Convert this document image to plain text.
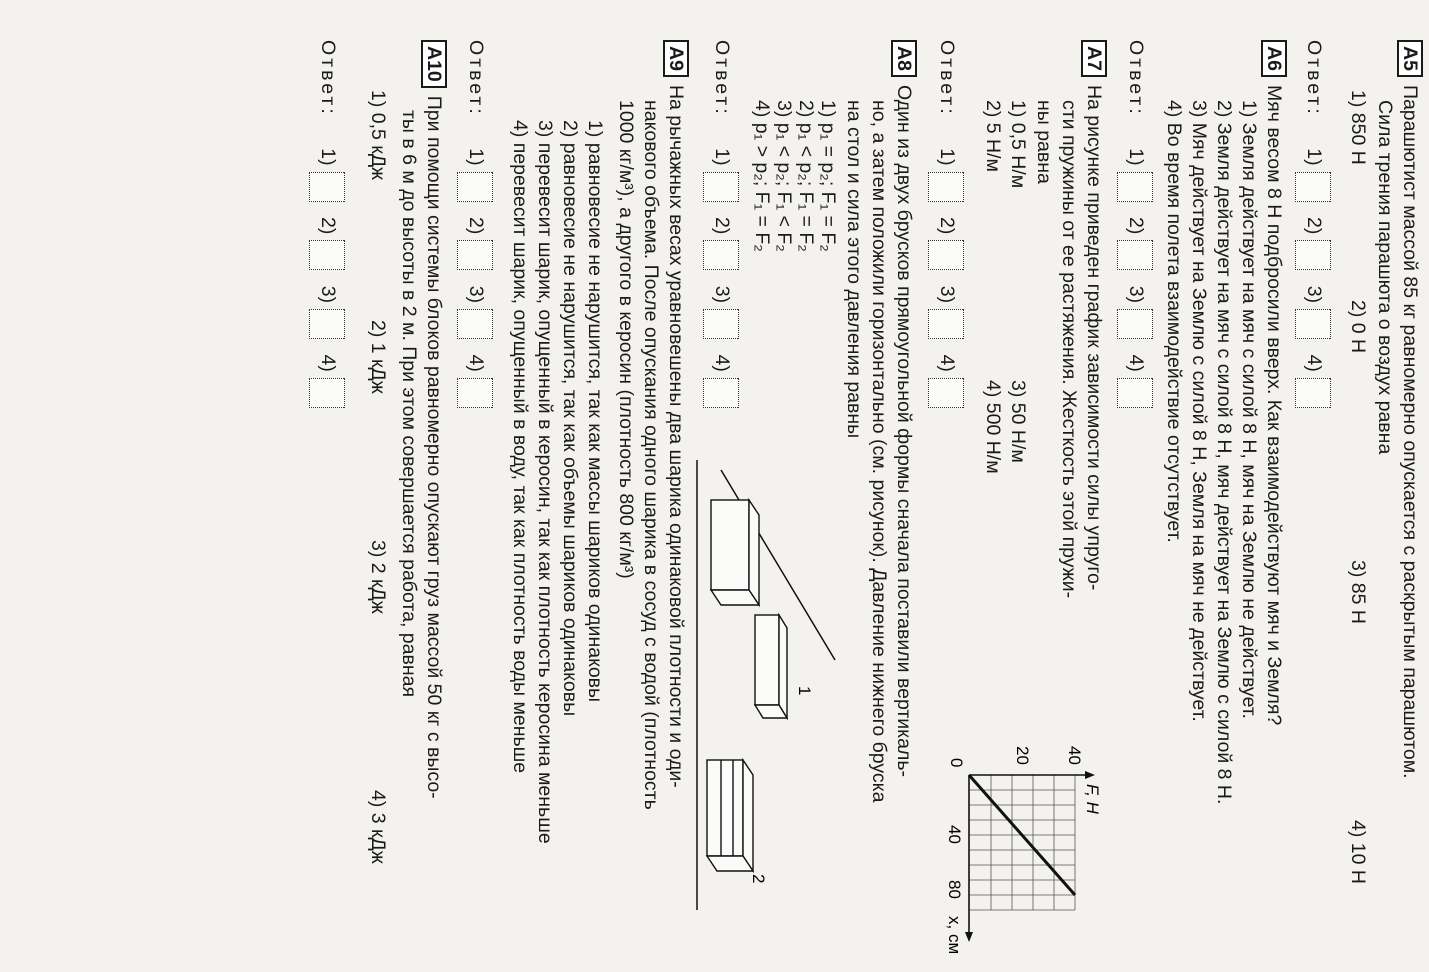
А5Парашютист массой 85 кг равномерно опускается с раскрытым парашютом.
Сила трения парашюта о воздух равна
1) 850 Н
2) 0 Н
3) 85 Н
4) 10 Н
Ответ: 1) 2) 3) 4)
А6Мяч весом 8 Н подбросили вверх. Как взаимодействуют мяч и Земля?
1) Земля действует на мяч с силой 8 Н, мяч на Землю не действует.
2) Земля действует на мяч с силой 8 Н, мяч действует на Землю с силой 8 Н.
3) Мяч действует на Землю с силой 8 Н, Земля на мяч не действует.
4) Во время полета взаимодействие отсутствует.
Ответ: 1) 2) 3) 4)
А7На рисунке приведен график зависимости силы упруго-
сти пружины от ее растяжения. Жесткость этой пружи-
ны равна
1) 0,5 Н/м
2) 5 Н/м
3) 50 Н/м
4) 500 Н/м
F, Н
40
20
0
40
80
x, см
Ответ: 1) 2) 3) 4)
А8Один из двух брусков прямоугольной формы сначала поставили вертикаль-
но, а затем положили горизонтально (см. рисунок). Давление нижнего бруска
на стол и сила этого давления равны
1) p₁ = p₂; F₁ = F₂
2) p₁ < p₂; F₁ = F₂
3) p₁ < p₂; F₁ < F₂
4) p₁ > p₂; F₁ = F₂
1
2
Ответ: 1) 2) 3) 4)
А9На рычажных весах уравновешены два шарика одинаковой плотности и оди-
накового объема. После опускания одного шарика в сосуд с водой (плотность
1000 кг/м³), а другого в керосин (плотность 800 кг/м³)
1) равновесие не нарушится, так как массы шариков одинаковы
2) равновесие не нарушится, так как объемы шариков одинаковы
3) перевесит шарик, опущенный в керосин, так как плотность керосина меньше
4) перевесит шарик, опущенный в воду, так как плотность воды меньше
Ответ: 1) 2) 3) 4)
А10При помощи системы блоков равномерно опускают груз массой 50 кг с высо-
ты в 6 м до высоты в 2 м. При этом совершается работа, равная
1) 0,5 кДж
2) 1 кДж
3) 2 кДж
4) 3 кДж
Ответ: 1) 2) 3) 4)
